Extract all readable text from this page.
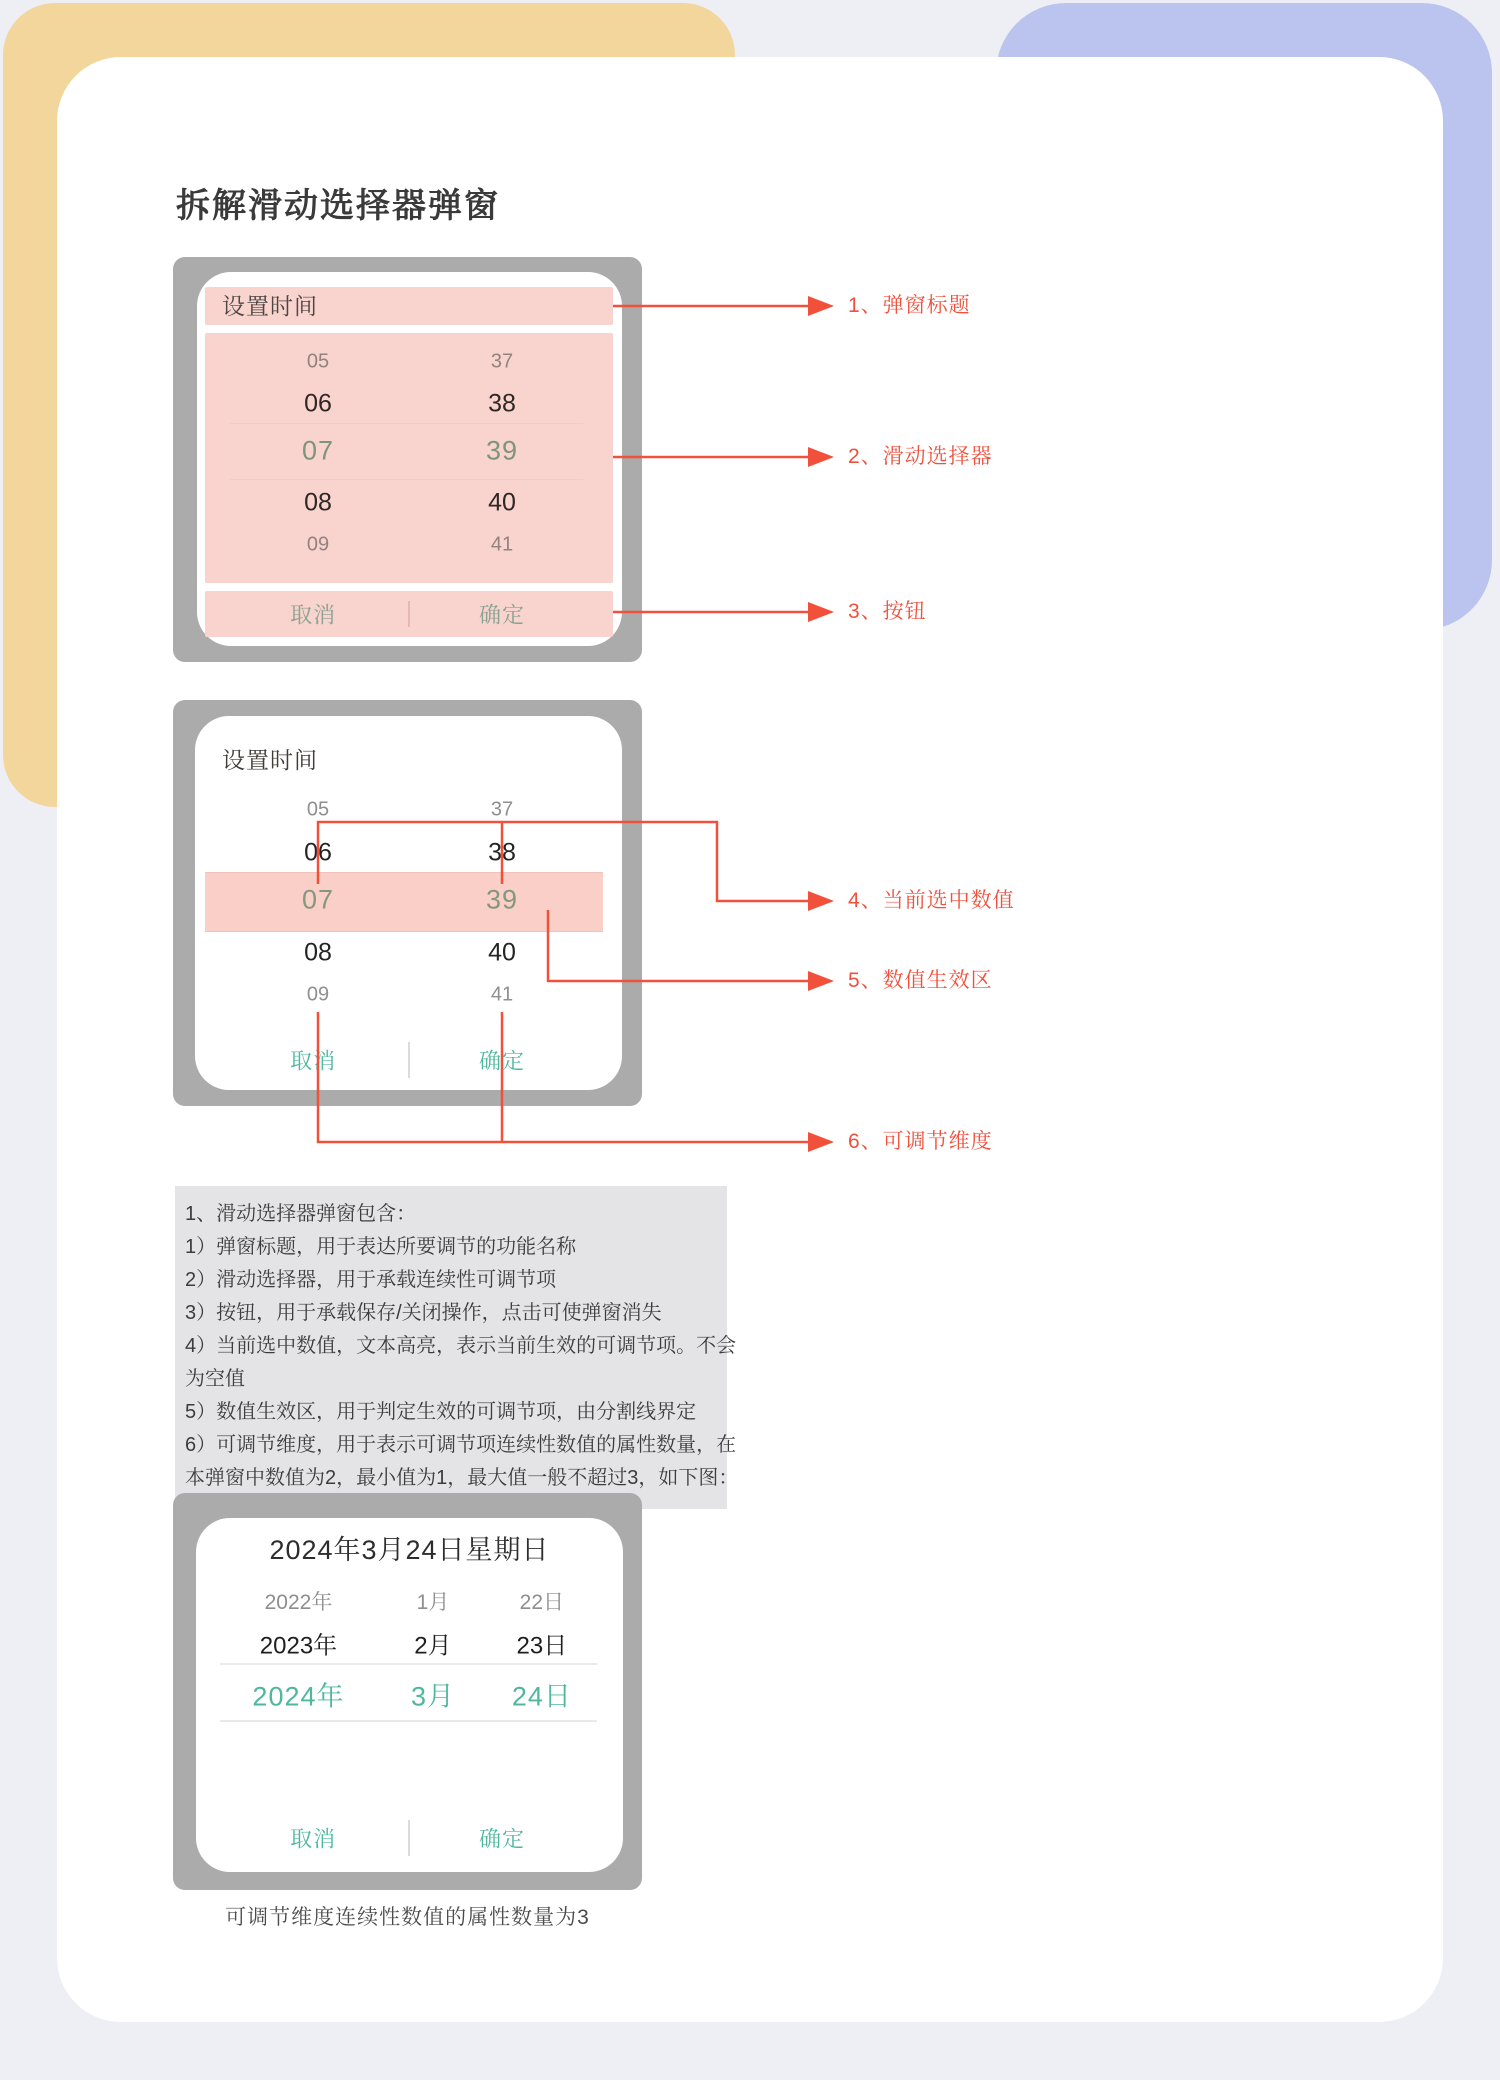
拆解滑动选择器弹窗
设置时间
05	37
06	38
07	39
08	40
09	41
取消	确定
设置时间
05	37
06	38
07	39
08	40
09	41
取消	确定
1、滑动选择器弹窗包含：
1）弹窗标题，用于表达所要调节的功能名称
2）滑动选择器，用于承载连续性可调节项
3）按钮，用于承载保存/关闭操作，点击可使弹窗消失
4）当前选中数值，文本高亮，表示当前生效的可调节项。不会
为空值
5）数值生效区，用于判定生效的可调节项，由分割线界定
6）可调节维度，用于表示可调节项连续性数值的属性数量，在
本弹窗中数值为2，最小值为1，最大值一般不超过3，如下图：
2024年3月24日星期日
2022年	1月	22日
2023年	2月	23日
2024年 3月 24日
取消	确定
可调节维度连续性数值的属性数量为3
1、弹窗标题
2、滑动选择器
3、按钮
4、当前选中数值
5、数值生效区
6、可调节维度
